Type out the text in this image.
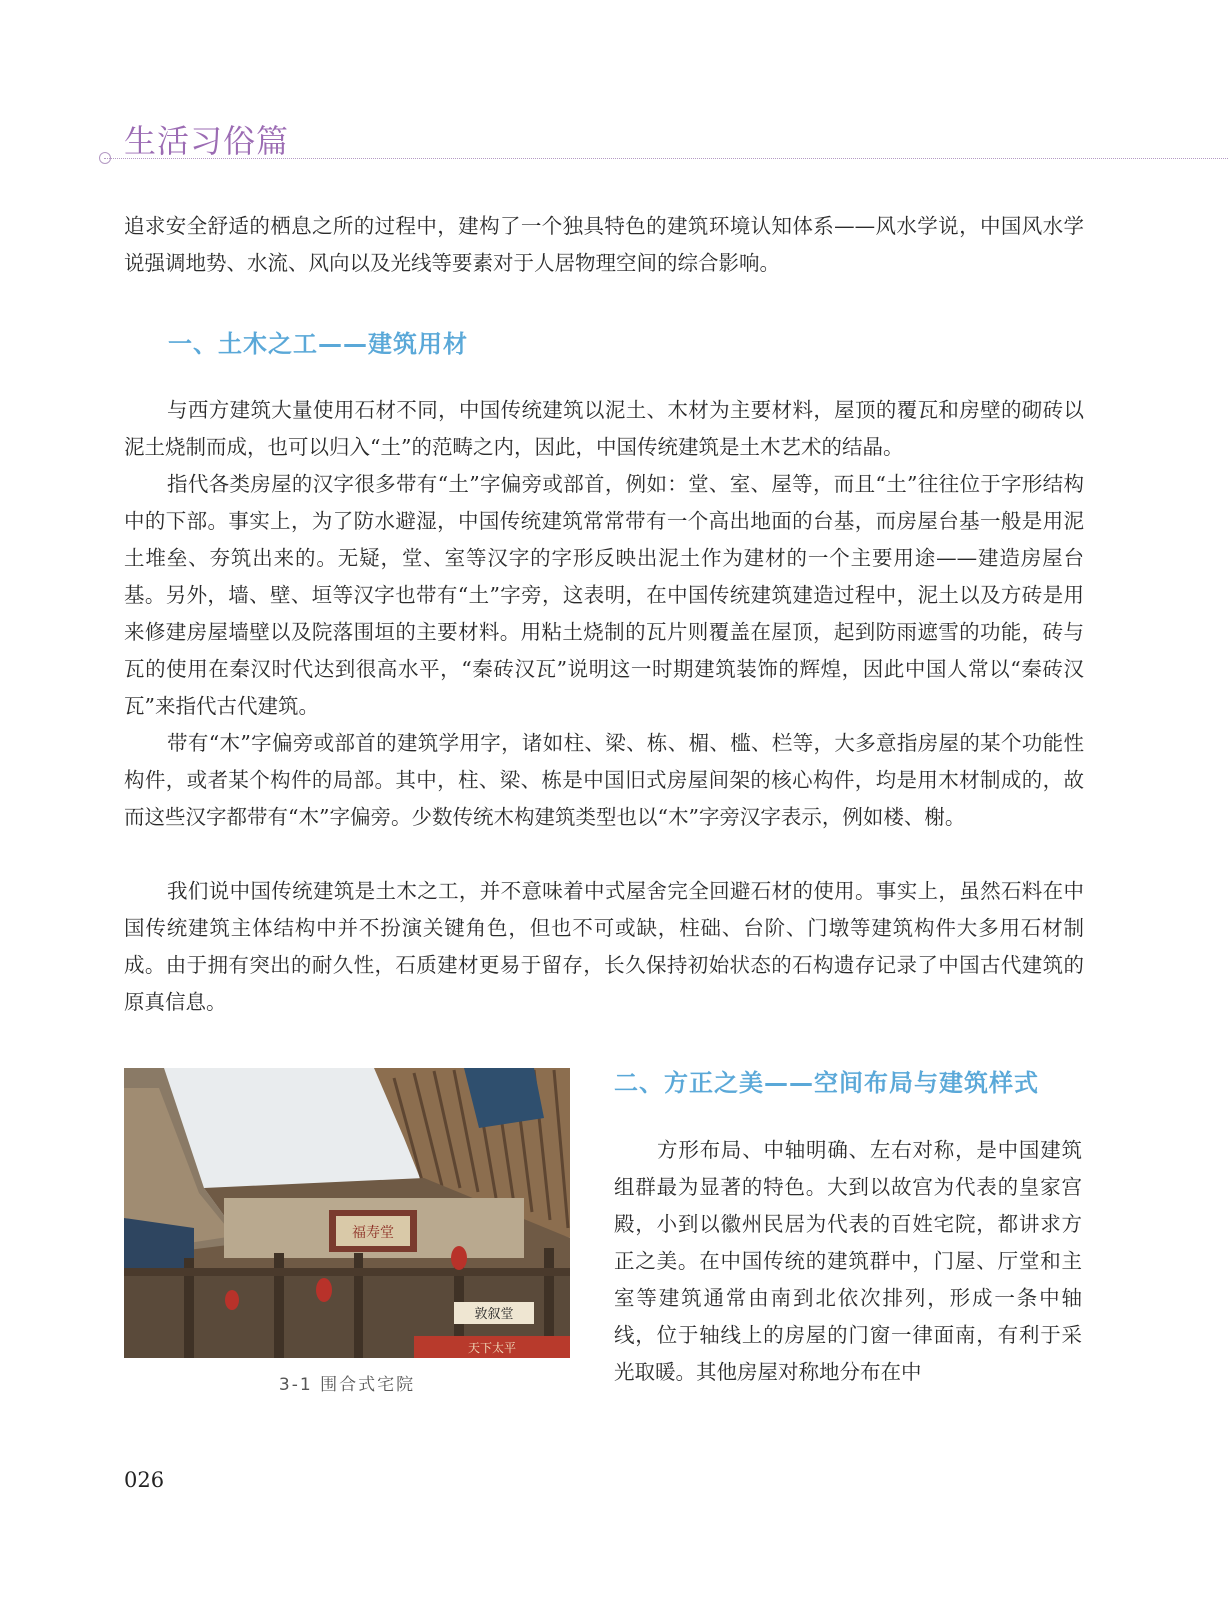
生活习俗篇

追求安全舒适的栖息之所的过程中，建构了一个独具特色的建筑环境认知体系——风水学说，中国风水学说强调地势、水流、风向以及光线等要素对于人居物理空间的综合影响。

一、土木之工——建筑用材

与西方建筑大量使用石材不同，中国传统建筑以泥土、木材为主要材料，屋顶的覆瓦和房壁的砌砖以泥土烧制而成，也可以归入“土”的范畴之内，因此，中国传统建筑是土木艺术的结晶。

指代各类房屋的汉字很多带有“土”字偏旁或部首，例如：堂、室、屋等，而且“土”往往位于字形结构中的下部。事实上，为了防水避湿，中国传统建筑常常带有一个高出地面的台基，而房屋台基一般是用泥土堆垒、夯筑出来的。无疑，堂、室等汉字的字形反映出泥土作为建材的一个主要用途——建造房屋台基。另外，墙、壁、垣等汉字也带有“土”字旁，这表明，在中国传统建筑建造过程中，泥土以及方砖是用来修建房屋墙壁以及院落围垣的主要材料。用粘土烧制的瓦片则覆盖在屋顶，起到防雨遮雪的功能，砖与瓦的使用在秦汉时代达到很高水平，“秦砖汉瓦”说明这一时期建筑装饰的辉煌，因此中国人常以“秦砖汉瓦”来指代古代建筑。

带有“木”字偏旁或部首的建筑学用字，诸如柱、梁、栋、楣、槛、栏等，大多意指房屋的某个功能性构件，或者某个构件的局部。其中，柱、梁、栋是中国旧式房屋间架的核心构件，均是用木材制成的，故而这些汉字都带有“木”字偏旁。少数传统木构建筑类型也以“木”字旁汉字表示，例如楼、榭。

我们说中国传统建筑是土木之工，并不意味着中式屋舍完全回避石材的使用。事实上，虽然石料在中国传统建筑主体结构中并不扮演关键角色，但也不可或缺，柱础、台阶、门墩等建筑构件大多用石材制成。由于拥有突出的耐久性，石质建材更易于留存，长久保持初始状态的石构遗存记录了中国古代建筑的原真信息。

福寿堂
敦叙堂
天下太平
3-1 围合式宅院
二、方正之美——空间布局与建筑样式

方形布局、中轴明确、左右对称，是中国建筑组群最为显著的特色。大到以故宫为代表的皇家宫殿，小到以徽州民居为代表的百姓宅院，都讲求方正之美。在中国传统的建筑群中，门屋、厅堂和主室等建筑通常由南到北依次排列，形成一条中轴线，位于轴线上的房屋的门窗一律面南，有利于采光取暖。其他房屋对称地分布在中

026
